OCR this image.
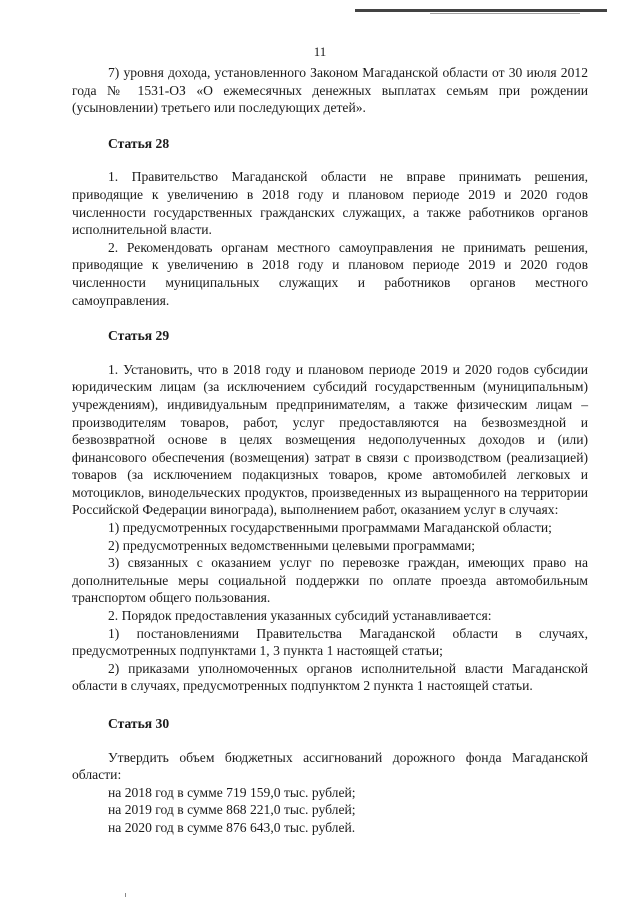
11

7) уровня дохода, установленного Законом Магаданской области от 30 июля 2012 года № 1531-ОЗ «О ежемесячных денежных выплатах семьям при рождении (усыновлении) третьего или последующих детей».

Статья 28

1. Правительство Магаданской области не вправе принимать решения, приводящие к увеличению в 2018 году и плановом периоде 2019 и 2020 годов численности государственных гражданских служащих, а также работников органов исполнительной власти.

2. Рекомендовать органам местного самоуправления не принимать решения, приводящие к увеличению в 2018 году и плановом периоде 2019 и 2020 годов численности муниципальных служащих и работников органов местного самоуправления.

Статья 29

1. Установить, что в 2018 году и плановом периоде 2019 и 2020 годов субсидии юридическим лицам (за исключением субсидий государственным (муниципальным) учреждениям), индивидуальным предпринимателям, а также физическим лицам – производителям товаров, работ, услуг предоставляются на безвозмездной и безвозвратной основе в целях возмещения недополученных доходов и (или) финансового обеспечения (возмещения) затрат в связи с производством (реализацией) товаров (за исключением подакцизных товаров, кроме автомобилей легковых и мотоциклов, винодельческих продуктов, произведенных из выращенного на территории Российской Федерации винограда), выполнением работ, оказанием услуг в случаях:

1) предусмотренных государственными программами Магаданской области;

2) предусмотренных ведомственными целевыми программами;

3) связанных с оказанием услуг по перевозке граждан, имеющих право на дополнительные меры социальной поддержки по оплате проезда автомобильным транспортом общего пользования.

2. Порядок предоставления указанных субсидий устанавливается:

1) постановлениями Правительства Магаданской области в случаях, предусмотренных подпунктами 1, 3 пункта 1 настоящей статьи;

2) приказами уполномоченных органов исполнительной власти Магаданской области в случаях, предусмотренных подпунктом 2 пункта 1 настоящей статьи.

Статья 30

Утвердить объем бюджетных ассигнований дорожного фонда Магаданской области:

на 2018 год в сумме 719 159,0 тыс. рублей;

на 2019 год в сумме 868 221,0 тыс. рублей;

на 2020 год в сумме 876 643,0 тыс. рублей.
